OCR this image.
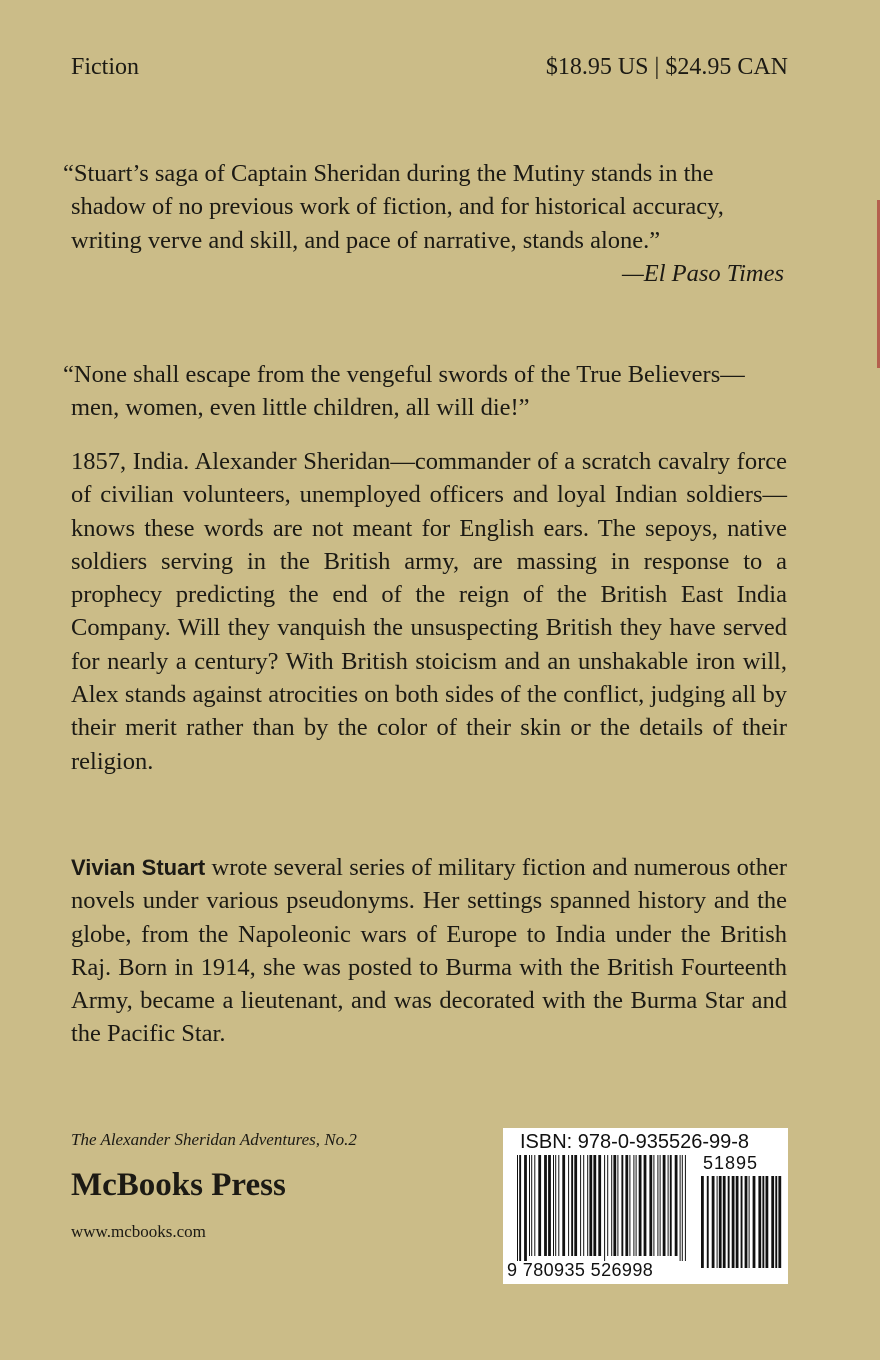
Fiction	$18.95 US | $24.95 CAN
“Stuart’s saga of Captain Sheridan during the Mutiny stands in the shadow of no previous work of fiction, and for historical accuracy, writing verve and skill, and pace of narrative, stands alone.”
—El Paso Times
“None shall escape from the vengeful swords of the True Believers— men, women, even little children, all will die!”
1857, India. Alexander Sheridan—commander of a scratch cavalry force of civilian volunteers, unemployed officers and loyal Indian soldiers—knows these words are not meant for English ears. The sepoys, native soldiers serving in the British army, are massing in response to a prophecy predicting the end of the reign of the British East India Company. Will they vanquish the unsuspecting British they have served for nearly a century? With British stoicism and an unshakable iron will, Alex stands against atrocities on both sides of the conflict, judging all by their merit rather than by the color of their skin or the details of their religion.
Vivian Stuart wrote several series of military fiction and numerous other novels under various pseudonyms. Her settings spanned history and the globe, from the Napoleonic wars of Europe to India under the British Raj. Born in 1914, she was posted to Burma with the British Fourteenth Army, became a lieutenant, and was decorated with the Burma Star and the Pacific Star.
The Alexander Sheridan Adventures, No.2
McBooks Press
www.mcbooks.com
ISBN: 978-0-935526-99-8
51895
9 780935 526998
